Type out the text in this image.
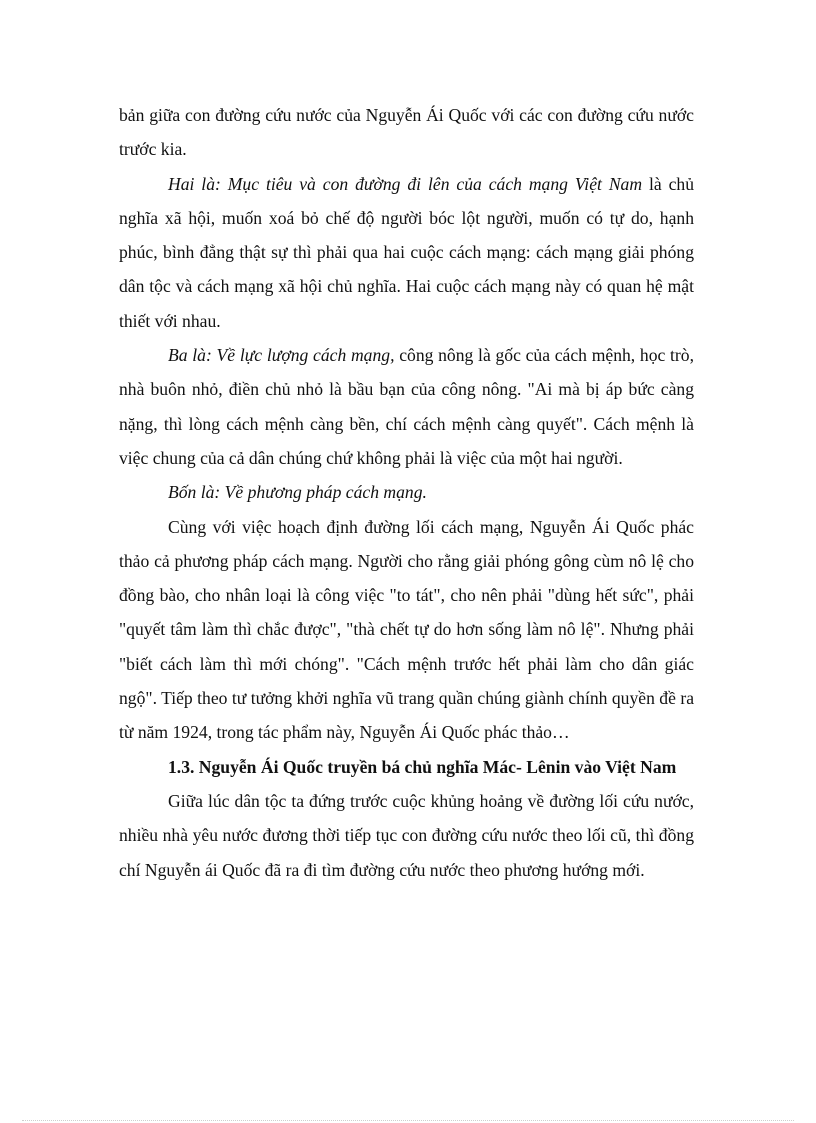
bản giữa con đường cứu nước của Nguyễn Ái Quốc với các con đường cứu nước trước kia.

Hai là: Mục tiêu và con đường đi lên của cách mạng Việt Nam là chủ nghĩa xã hội, muốn xoá bỏ chế độ người bóc lột người, muốn có tự do, hạnh phúc, bình đẳng thật sự thì phải qua hai cuộc cách mạng: cách mạng giải phóng dân tộc và cách mạng xã hội chủ nghĩa. Hai cuộc cách mạng này có quan hệ mật thiết với nhau.

Ba là: Về lực lượng cách mạng, công nông là gốc của cách mệnh, học trò, nhà buôn nhỏ, điền chủ nhỏ là bầu bạn của công nông. "Ai mà bị áp bức càng nặng, thì lòng cách mệnh càng bền, chí cách mệnh càng quyết". Cách mệnh là việc chung của cả dân chúng chứ không phải là việc của một hai người.

Bốn là: Về phương pháp cách mạng.

Cùng với việc hoạch định đường lối cách mạng, Nguyễn Ái Quốc phác thảo cả phương pháp cách mạng. Người cho rằng giải phóng gông cùm nô lệ cho đồng bào, cho nhân loại là công việc "to tát", cho nên phải "dùng hết sức", phải "quyết tâm làm thì chắc được", "thà chết tự do hơn sống làm nô lệ". Nhưng phải "biết cách làm thì mới chóng". "Cách mệnh trước hết phải làm cho dân giác ngộ". Tiếp theo tư tưởng khởi nghĩa vũ trang quần chúng giành chính quyền đề ra từ năm 1924, trong tác phẩm này, Nguyễn Ái Quốc phác thảo…

1.3. Nguyễn Ái Quốc truyền bá chủ nghĩa Mác- Lênin vào Việt Nam

Giữa lúc dân tộc ta đứng trước cuộc khủng hoảng về đường lối cứu nước, nhiều nhà yêu nước đương thời tiếp tục con đường cứu nước theo lối cũ, thì đồng chí Nguyễn ái Quốc đã ra đi tìm đường cứu nước theo phương hướng mới.
